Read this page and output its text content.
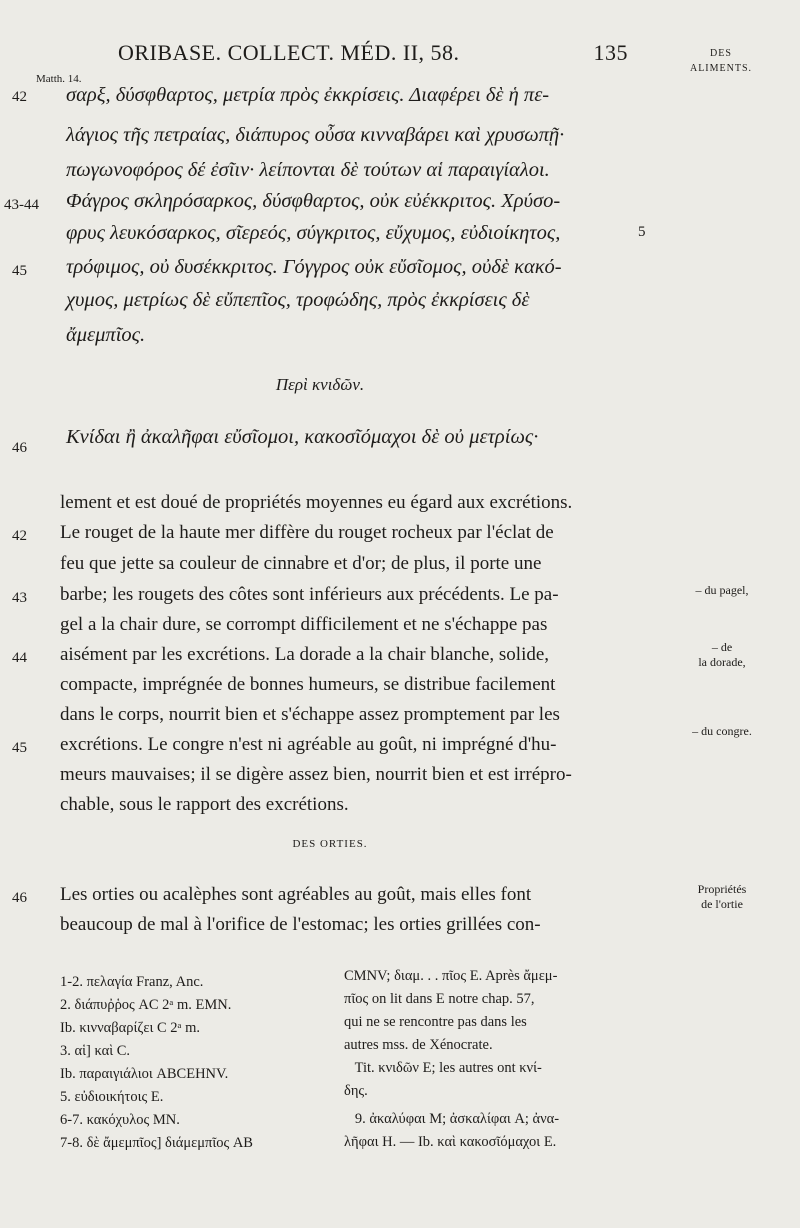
ORIBASE. COLLECT. MÉD. II, 58.	135	DES
ALIMENTS.
Matth. 14.
42 σαρξ, δύσφθαρτος, μετρία πρὸς ἐκκρίσεις. Διαφέρει δὲ ἡ πε-
λάγιος τῆς πετραίας, διάπυρος οὖσα κινναβάρει καὶ χρυσωπῇ·
πωγωνοφόρος δέ ἐσῖιν· λείπονται δὲ τούτων αἱ παραιγίαλοι.
43-44 Φάγρος σκληρόσαρκος, δύσφθαρτος, οὐκ εὐέκκριτος. Χρύσο-
φρυς λευκόσαρκος, σῖερεός, σύγκριτος, εὔχυμος, εὐδιοίκητος,	5
45 τρόφιμος, οὐ δυσέκκριτος. Γόγγρος οὐκ εὔσῖομος, οὐδὲ κακό-
χυμος, μετρίως δὲ εὔπεπῖος, τροφώδης, πρὸς ἐκκρίσεις δὲ
ἄμεμπῖος.
Περὶ κνιδῶν.
46 Κνίδαι ἢ ἀκαλῆφαι εὔσῖομοι, κακοσῖόμαχοι δὲ οὐ μετρίως·
lement et est doué de propriétés moyennes eu égard aux excrétions.
42 Le rouget de la haute mer diffère du rouget rocheux par l'éclat de
feu que jette sa couleur de cinnabre et d'or; de plus, il porte une
43 barbe; les rougets des côtes sont inférieurs aux précédents. Le pa-
gel a la chair dure, se corrompt difficilement et ne s'échappe pas
44 aisément par les excrétions. La dorade a la chair blanche, solide,
compacte, imprégnée de bonnes humeurs, se distribue facilement
dans le corps, nourrit bien et s'échappe assez promptement par les
45 excrétions. Le congre n'est ni agréable au goût, ni imprégné d'hu-
meurs mauvaises; il se digère assez bien, nourrit bien et est irrépro-
chable, sous le rapport des excrétions.
DES ORTIES.
46 Les orties ou acalèphes sont agréables au goût, mais elles font
beaucoup de mal à l'orifice de l'estomac; les orties grillées con-
– du pagel,
– de
la dorade,
– du congre.
Propriétés
de l'ortie
1-2. πελαγία Franz, Anc.
2. διάπυῤῥος AC 2ᵃ m. EMN.
Ib. κινναβαρίζει C 2ᵃ m.
3. αἱ] καὶ C.
Ib. παραιγιάλιοι ABCEHNV.
5. εὐδιοικήτοις E.
6-7. κακόχυλος MN.
7-8. δὲ ἄμεμπῖος] διάμεμπῖος AB
CMNV; διαμ. . . πῖος E. Après ἄμεμ-
πῖος on lit dans E notre chap. 57,
qui ne se rencontre pas dans les
autres mss. de Xénocrate.
Tit. κνιδῶν E; les autres ont κνί-
δης.
9. ἀκαλύφαι M; ἀσκαλίφαι A; ἀνα-
λῆφαι H. — Ib. καὶ κακοσῖόμαχοι E.
